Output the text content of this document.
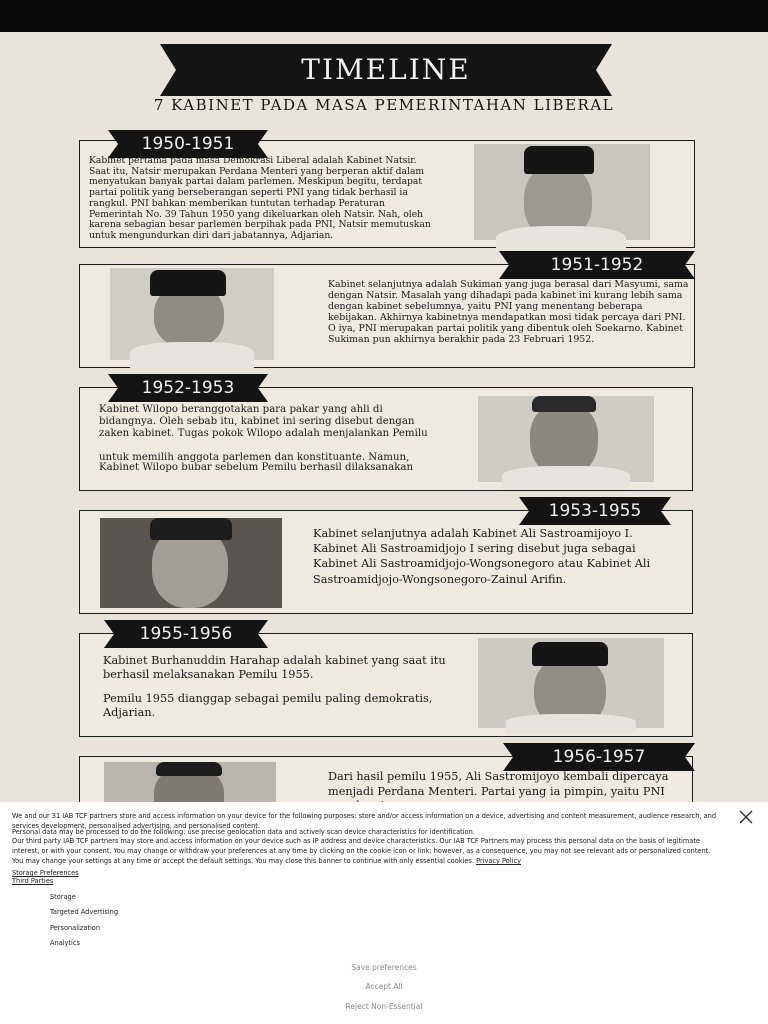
TIMELINE
7 KABINET PADA MASA PEMERINTAHAN LIBERAL
1950-1951
Kabinet pertama pada masa Demokrasi Liberal adalah Kabinet Natsir. Saat itu, Natsir merupakan Perdana Menteri yang berperan aktif dalam menyatukan banyak partai dalam parlemen. Meskipun begitu, terdapat partai politik yang berseberangan seperti PNI yang tidak berhasil ia rangkul. PNI bahkan memberikan tuntutan terhadap Peraturan Pemerintah No. 39 Tahun 1950 yang dikeluarkan oleh Natsir. Nah, oleh karena sebagian besar parlemen berpihak pada PNI, Natsir memutuskan untuk mengundurkan diri dari jabatannya, Adjarian.
1951-1952
Kabinet selanjutnya adalah Sukiman yang juga berasal dari Masyumi, sama dengan Natsir. Masalah yang dihadapi pada kabinet ini kurang lebih sama dengan kabinet sebelumnya, yaitu PNI yang menentang beberapa kebijakan. Akhirnya kabinetnya mendapatkan mosi tidak percaya dari PNI. O iya, PNI merupakan partai politik yang dibentuk oleh Soekarno. Kabinet Sukiman pun akhirnya berakhir pada 23 Februari 1952.
1952-1953
Kabinet Wilopo beranggotakan para pakar yang ahli di bidangnya. Oleh sebab itu, kabinet ini sering disebut dengan zaken kabinet. Tugas pokok Wilopo adalah menjalankan Pemilu
untuk memilih anggota parlemen dan konstituante. Namun, Kabinet Wilopo bubar sebelum Pemilu berhasil dilaksanakan
1953-1955
Kabinet selanjutnya adalah Kabinet Ali Sastroamijoyo I. Kabinet Ali Sastroamidjojo I sering disebut juga sebagai Kabinet Ali Sastroamidjojo-Wongsonegoro atau Kabinet Ali Sastroamidjojo-Wongsonegoro-Zainul Arifin.
1955-1956
Kabinet Burhanuddin Harahap adalah kabinet yang saat itu berhasil melaksanakan Pemilu 1955.
Pemilu 1955 dianggap sebagai pemilu paling demokratis, Adjarian.
1956-1957
Dari hasil pemilu 1955, Ali Sastromijoyo kembali dipercaya menjadi Perdana Menteri. Partai yang ia pimpin, yaitu PNI
We and our 31 IAB TCF partners store and access information on your device for the following purposes: store and/or access information on a device, advertising and content measurement, audience research, and services development, personalised advertising, and personalised content.
Personal data may be processed to do the following: use precise geolocation data and actively scan device characteristics for identification.
Our third party IAB TCF partners may store and access information on your device such as IP address and device characteristics. Our IAB TCF Partners may process this personal data on the basis of legitimate interest, or with your consent. You may change or withdraw your preferences at any time by clicking on the cookie icon or link; however, as a consequence, you may not see relevant ads or personalized content. You may change your settings at any time or accept the default settings. You may close this banner to continue with only essential cookies. Privacy Policy
Storage Preferences
Third Parties
Storage
Targeted Advertising
Personalization
Analytics
Save preferences
Accept All
Reject Non-Essential
